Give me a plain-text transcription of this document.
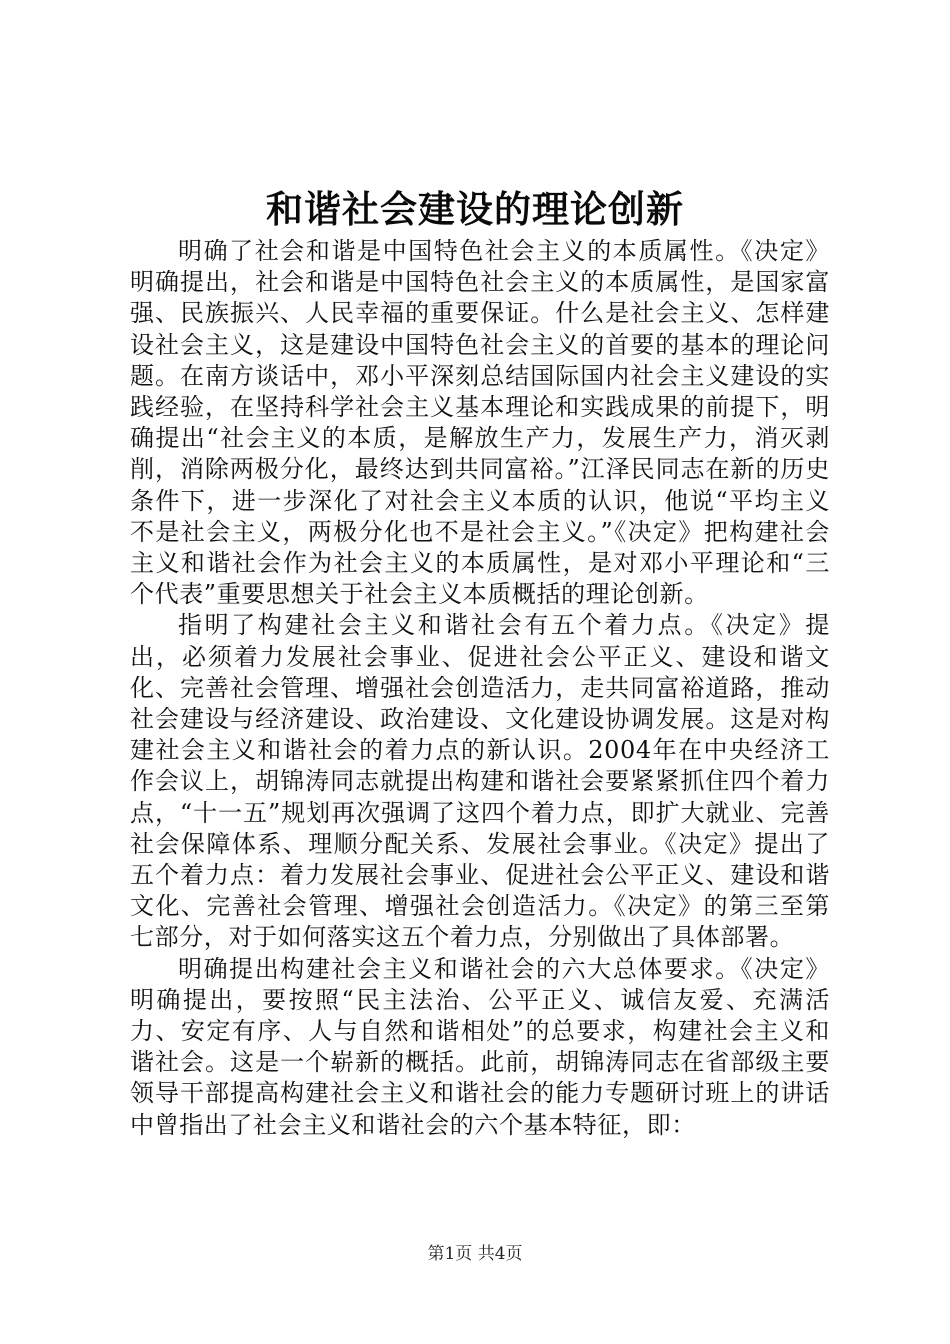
和谐社会建设的理论创新

明确了社会和谐是中国特色社会主义的本质属性。《决定》明确提出，社会和谐是中国特色社会主义的本质属性，是国家富强、民族振兴、人民幸福的重要保证。什么是社会主义、怎样建设社会主义，这是建设中国特色社会主义的首要的基本的理论问题。在南方谈话中，邓小平深刻总结国际国内社会主义建设的实践经验，在坚持科学社会主义基本理论和实践成果的前提下，明确提出“社会主义的本质，是解放生产力，发展生产力，消灭剥削，消除两极分化，最终达到共同富裕。”江泽民同志在新的历史条件下，进一步深化了对社会主义本质的认识，他说“平均主义不是社会主义，两极分化也不是社会主义。”《决定》把构建社会主义和谐社会作为社会主义的本质属性，是对邓小平理论和“三个代表”重要思想关于社会主义本质概括的理论创新。

指明了构建社会主义和谐社会有五个着力点。《决定》提出，必须着力发展社会事业、促进社会公平正义、建设和谐文化、完善社会管理、增强社会创造活力，走共同富裕道路，推动社会建设与经济建设、政治建设、文化建设协调发展。这是对构建社会主义和谐社会的着力点的新认识。2004年在中央经济工作会议上，胡锦涛同志就提出构建和谐社会要紧紧抓住四个着力点，“十一五”规划再次强调了这四个着力点，即扩大就业、完善社会保障体系、理顺分配关系、发展社会事业。《决定》提出了五个着力点：着力发展社会事业、促进社会公平正义、建设和谐文化、完善社会管理、增强社会创造活力。《决定》的第三至第七部分，对于如何落实这五个着力点，分别做出了具体部署。

明确提出构建社会主义和谐社会的六大总体要求。《决定》明确提出，要按照“民主法治、公平正义、诚信友爱、充满活力、安定有序、人与自然和谐相处”的总要求，构建社会主义和谐社会。这是一个崭新的概括。此前，胡锦涛同志在省部级主要领导干部提高构建社会主义和谐社会的能力专题研讨班上的讲话中曾指出了社会主义和谐社会的六个基本特征，即：

第1页 共4页
